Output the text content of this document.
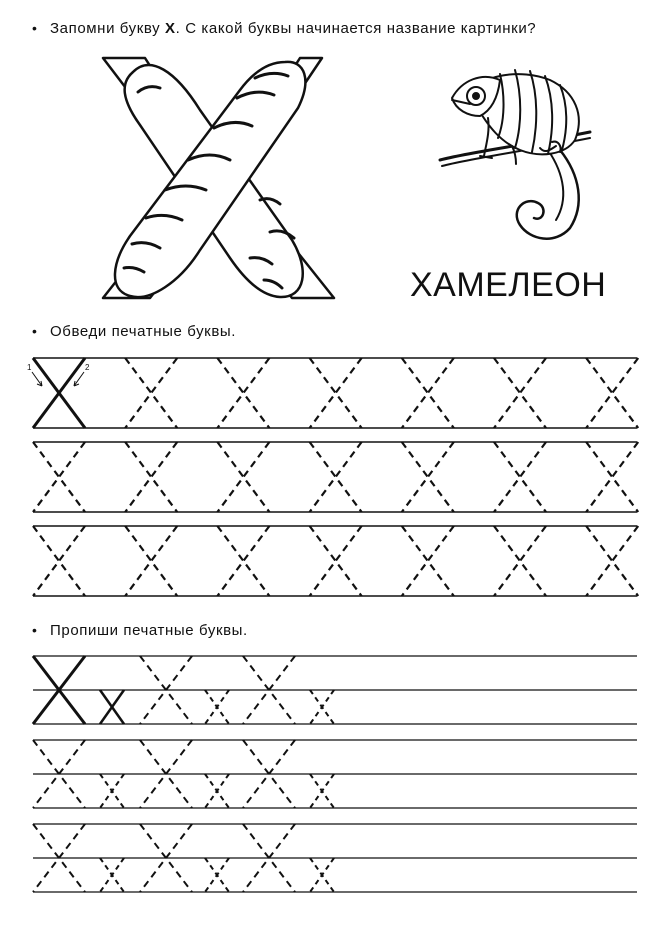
• Запомни букву Х. С какой буквы начинается название картинки?
• Обведи печатные буквы.
• Пропиши печатные буквы.
ХАМЕЛЕОН
1	2
